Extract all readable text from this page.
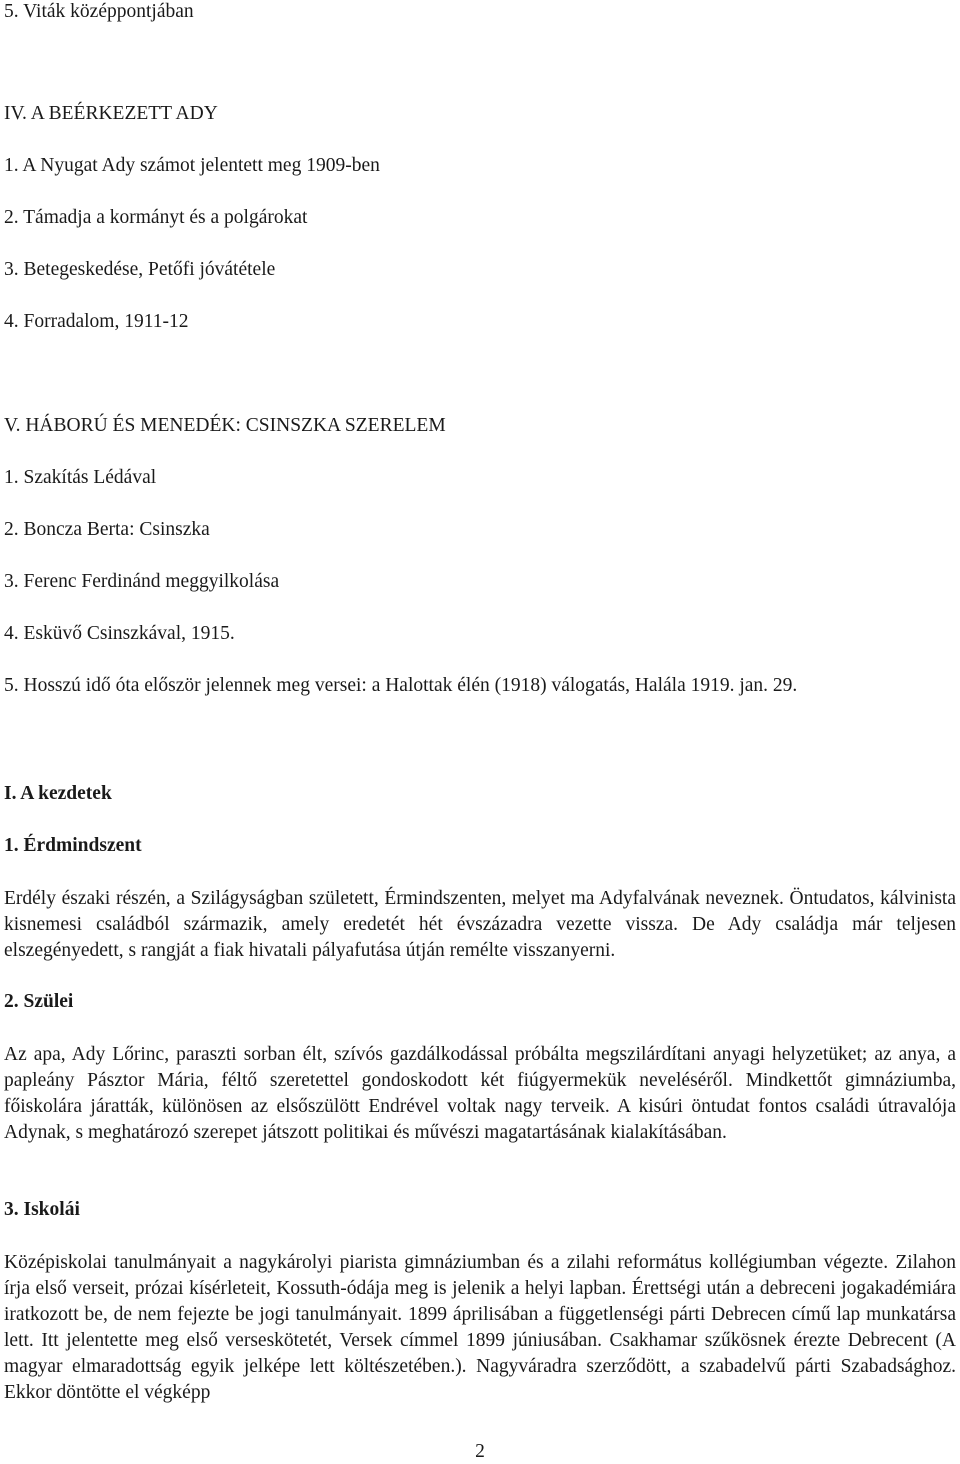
5. Viták középpontjában
IV. A BEÉRKEZETT ADY
1. A Nyugat Ady számot jelentett meg 1909-ben
2. Támadja a kormányt és a polgárokat
3. Betegeskedése, Petőfi jóvátétele
4. Forradalom, 1911-12
V. HÁBORÚ ÉS MENEDÉK: CSINSZKA SZERELEM
1. Szakítás Lédával
2. Boncza Berta: Csinszka
3. Ferenc Ferdinánd meggyilkolása
4. Esküvő Csinszkával, 1915.
5. Hosszú idő óta először jelennek meg versei: a Halottak élén (1918) válogatás, Halála 1919. jan. 29.
I. A kezdetek
1. Érdmindszent

Erdély északi részén, a Szilágyságban született, Érmindszenten, melyet ma Adyfalvának neveznek. Öntudatos, kálvinista kisnemesi családból származik, amely eredetét hét évszázadra vezette vissza. De Ady családja már teljesen elszegényedett, s rangját a fiak hivatali pályafutása útján remélte visszanyerni.

2. Szülei

Az apa, Ady Lőrinc, paraszti sorban élt, szívós gazdálkodással próbálta megszilárdítani anyagi helyzetüket; az anya, a papleány Pásztor Mária, féltő szeretettel gondoskodott két fiúgyermekük neveléséről. Mindkettőt gimnáziumba, főiskolára járatták, különösen az elsőszülött Endrével voltak nagy terveik. A kisúri öntudat fontos családi útravalója Adynak, s meghatározó szerepet játszott politikai és művészi magatartásának kialakításában.

3. Iskolái

Középiskolai tanulmányait a nagykárolyi piarista gimnáziumban és a zilahi református kollégiumban végezte. Zilahon írja első verseit, prózai kísérleteit, Kossuth-ódája meg is jelenik a helyi lapban. Érettségi után a debreceni jogakadémiára iratkozott be, de nem fejezte be jogi tanulmányait. 1899 áprilisában a függetlenségi párti Debrecen című lap munkatársa lett. Itt jelentette meg első verseskötetét, Versek címmel 1899 júniusában. Csakhamar szűkösnek érezte Debrecent (A magyar elmaradottság egyik jelképe lett költészetében.). Nagyváradra szerződött, a szabadelvű párti Szabadsághoz. Ekkor döntötte el végképp

2
